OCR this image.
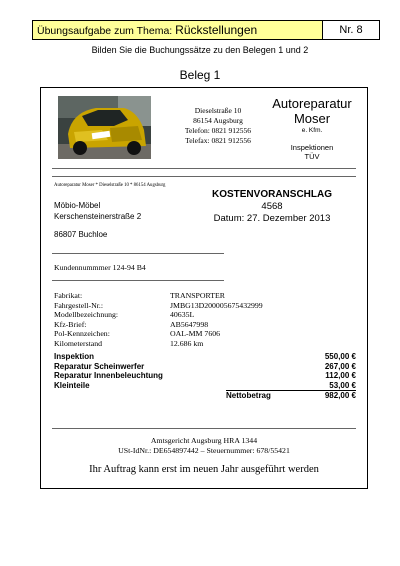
Übungsaufgabe zum Thema: Rückstellungen	Nr. 8
Bilden Sie die Buchungssätze zu den Belegen 1 und 2
Beleg 1
Dieselstraße 10
86154 Augsburg
Telefon: 0821 912556
Telefax: 0821 912556
Autoreparatur
Moser
e. Kfm.
Inspektionen
TÜV
Autoreparatur Moser * Dieselstraße 10 * 86154 Augsburg
Möbio-Möbel
Kerschensteinerstraße 2
86807 Buchloe
KOSTENVORANSCHLAG
4568
Datum: 27. Dezember 2013
Kundennummmer 124-94 B4
Fabrikat:	TRANSPORTER
Fahrgestell-Nr.:	JMBG13D200005675432999
Modellbezeichnung:	40635L
Kfz-Brief:	AB5647998
Pol-Kennzeichen:	OAL-MM 7606
Kilometerstand	12.686 km
Inspektion	550,00 €
Reparatur Scheinwerfer	267,00 €
Reparatur Innenbeleuchtung	112,00 €
Kleinteile	53,00 €
Nettobetrag	982,00 €
Amtsgericht Augsburg HRA 1344
USt-IdNr.: DE654897442 – Steuernummer: 678/55421
Ihr Auftrag kann erst im neuen Jahr ausgeführt werden
